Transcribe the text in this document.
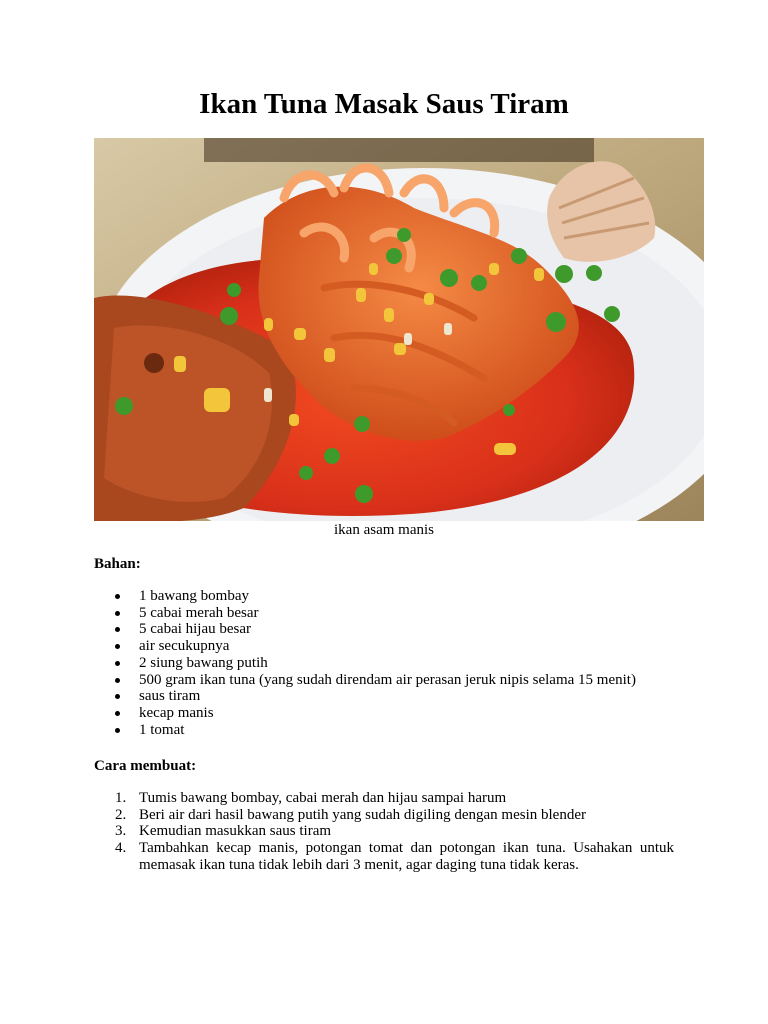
Ikan Tuna Masak Saus Tiram
ikan asam manis
Bahan:
1 bawang bombay
5 cabai merah besar
5 cabai hijau besar
air secukupnya
2 siung bawang putih
500 gram ikan tuna (yang sudah direndam air perasan jeruk nipis selama 15 menit)
saus tiram
kecap manis
1 tomat
Cara membuat:
1. Tumis bawang bombay, cabai merah dan hijau sampai harum
2. Beri air dari hasil bawang putih yang sudah digiling dengan mesin blender
3. Kemudian masukkan saus tiram
4. Tambahkan kecap manis, potongan tomat dan potongan ikan tuna. Usahakan untuk memasak ikan tuna tidak lebih dari 3 menit, agar daging tuna tidak keras.
